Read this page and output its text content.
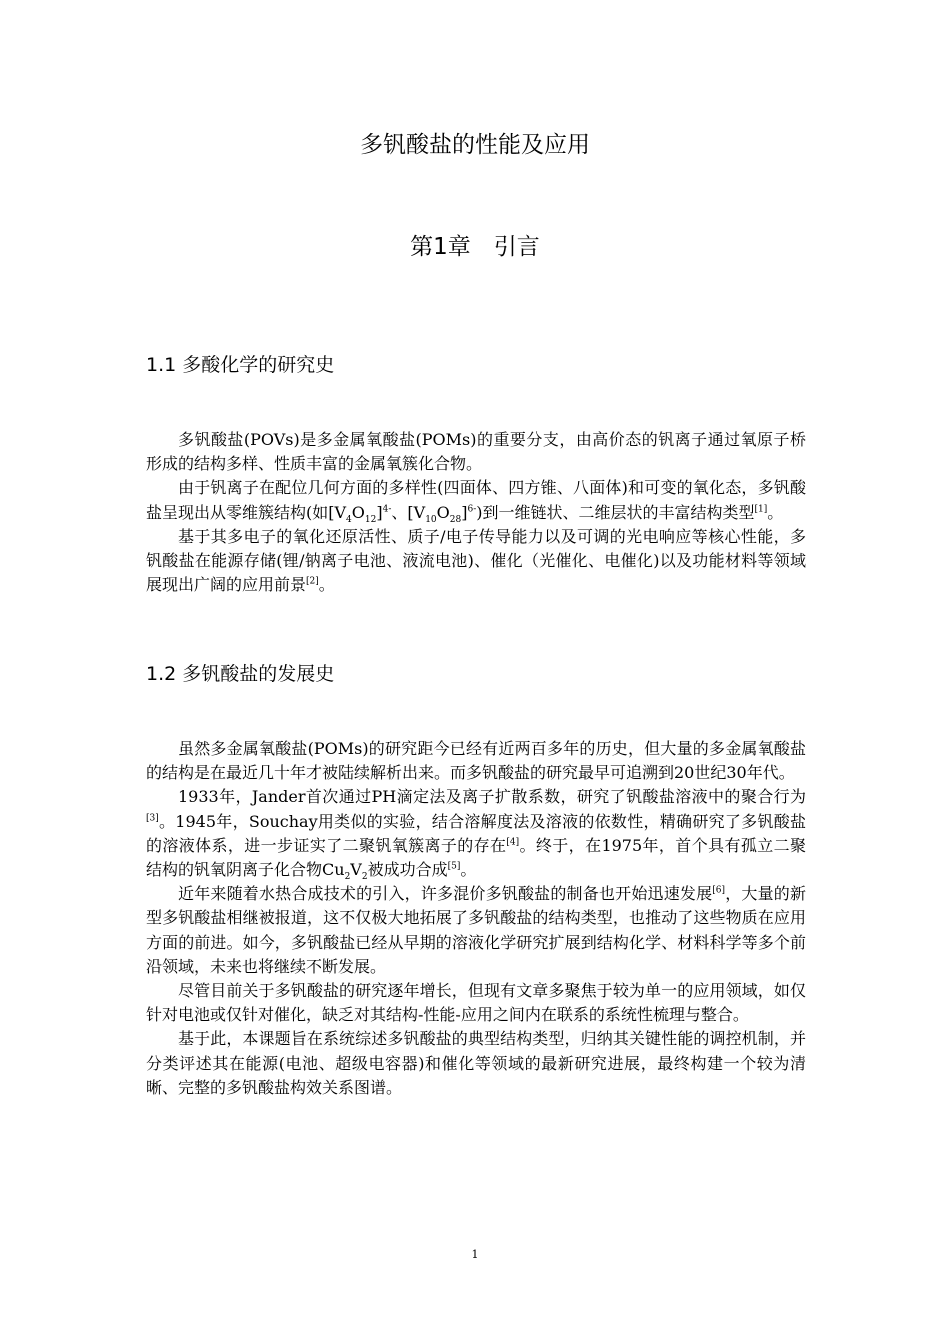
多钒酸盐的性能及应用
第1章 引言
1.1 多酸化学的研究史

多钒酸盐(POVs)是多金属氧酸盐(POMs)的重要分支，由高价态的钒离子通过氧原子桥形成的结构多样、性质丰富的金属氧簇化合物。

由于钒离子在配位几何方面的多样性(四面体、四方锥、八面体)和可变的氧化态，多钒酸盐呈现出从零维簇结构(如$[V_4O_{12}]^{4-}$、$[V_{10}O_{28}]^{6-}$)到一维链状、二维层状的丰富结构类型[1]。

基于其多电子的氧化还原活性、质子/电子传导能力以及可调的光电响应等核心性能，多钒酸盐在能源存储(锂/钠离子电池、液流电池)、催化（光催化、电催化)以及功能材料等领域展现出广阔的应用前景[2]。

1.2 多钒酸盐的发展史

虽然多金属氧酸盐(POMs)的研究距今已经有近两百多年的历史，但大量的多金属氧酸盐的结构是在最近几十年才被陆续解析出来。而多钒酸盐的研究最早可追溯到20世纪30年代。

1933年，Jander首次通过PH滴定法及离子扩散系数，研究了钒酸盐溶液中的聚合行为[3]。1945年，Souchay用类似的实验，结合溶解度法及溶液的依数性，精确研究了多钒酸盐的溶液体系，进一步证实了二聚钒氧簇离子的存在[4]。终于，在1975年，首个具有孤立二聚结构的钒氧阴离子化合物$Cu_2V_2$被成功合成[5]。

近年来随着水热合成技术的引入，许多混价多钒酸盐的制备也开始迅速发展[6]，大量的新型多钒酸盐相继被报道，这不仅极大地拓展了多钒酸盐的结构类型，也推动了这些物质在应用方面的前进。如今，多钒酸盐已经从早期的溶液化学研究扩展到结构化学、材料科学等多个前沿领域，未来也将继续不断发展。

尽管目前关于多钒酸盐的研究逐年增长，但现有文章多聚焦于较为单一的应用领域，如仅针对电池或仅针对催化，缺乏对其结构-性能-应用之间内在联系的系统性梳理与整合。

基于此，本课题旨在系统综述多钒酸盐的典型结构类型，归纳其关键性能的调控机制，并分类评述其在能源(电池、超级电容器)和催化等领域的最新研究进展，最终构建一个较为清晰、完整的多钒酸盐构效关系图谱。

1
